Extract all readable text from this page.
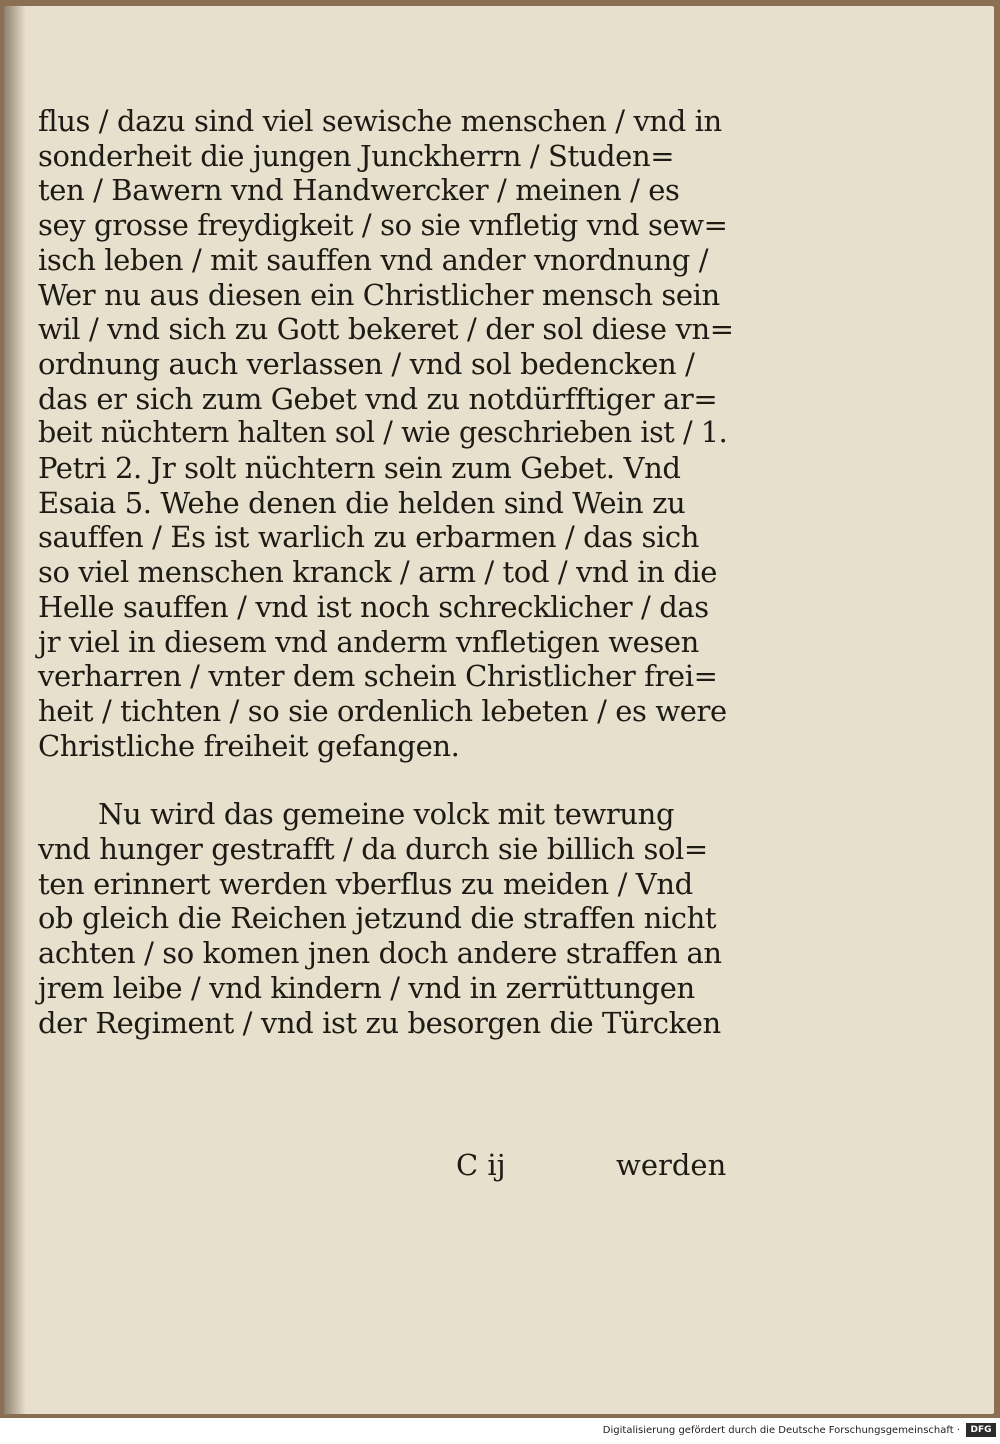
flus / dazu sind viel sewische menschen / vnd in
sonderheit die jungen Junckherrn / Studen=
ten / Bawern vnd Handwercker / meinen / es
sey grosse freydigkeit / so sie vnfletig vnd sew=
isch leben / mit sauffen vnd ander vnordnung /
Wer nu aus diesen ein Christlicher mensch sein
wil / vnd sich zu Gott bekeret / der sol diese vn=
ordnung auch verlassen / vnd sol bedencken /
das er sich zum Gebet vnd zu notdürfftiger ar=
beit nüchtern halten sol / wie geschrieben ist / 1.
Petri 2. Jr solt nüchtern sein zum Gebet. Vnd
Esaia 5. Wehe denen die helden sind Wein zu
sauffen / Es ist warlich zu erbarmen / das sich
so viel menschen kranck / arm / tod / vnd in die
Helle sauffen / vnd ist noch schrecklicher / das
jr viel in diesem vnd anderm vnfletigen wesen
verharren / vnter dem schein Christlicher frei=
heit / tichten / so sie ordenlich lebeten / es were
Christliche freiheit gefangen.
Nu wird das gemeine volck mit tewrung
vnd hunger gestrafft / da durch sie billich sol=
ten erinnert werden vberflus zu meiden / Vnd
ob gleich die Reichen jetzund die straffen nicht
achten / so komen jnen doch andere straffen an
jrem leibe / vnd kindern / vnd in zerrüttungen
der Regiment / vnd ist zu besorgen die Türcken
C ij	werden
Digitalisierung gefördert durch die Deutsche Forschungsgemeinschaft ·	DFG
